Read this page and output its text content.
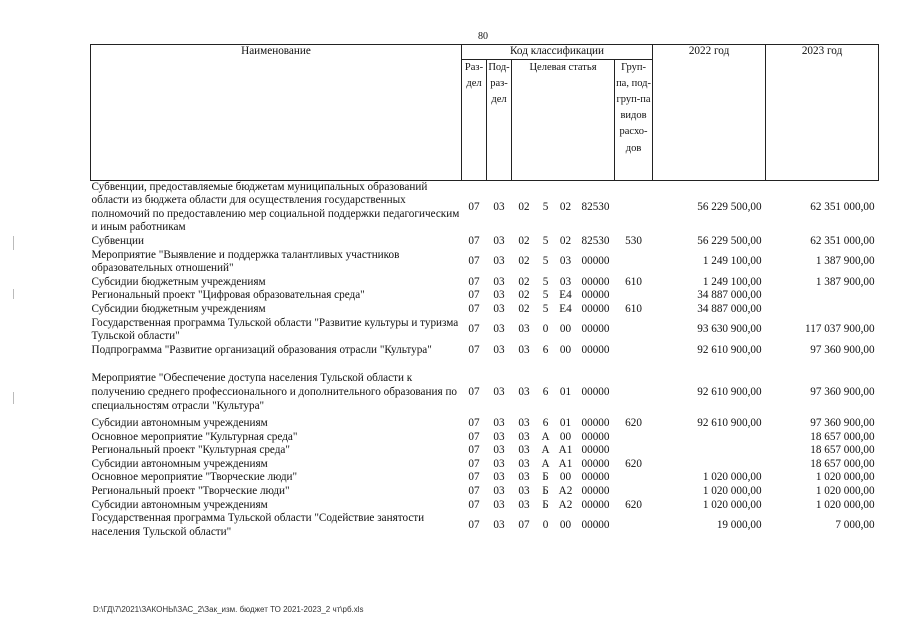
80
Наименование	Код классификации							2022 год	2023 год
	Раз-дел	Под-раз-дел	Целевая статья				Груп-па, под-груп-па видов расхо-дов		
Субвенции, предоставляемые бюджетам муниципальных образований области из бюджета области для осуществления государственных полномочий по предоставлению мер социальной поддержки педагогическим и иным работникам	07	03	02	5	02	82530		56 229 500,00	62 351 000,00
Субвенции	07	03	02	5	02	82530	530	56 229 500,00	62 351 000,00
Мероприятие "Выявление и поддержка талантливых участников образовательных отношений"	07	03	02	5	03	00000		1 249 100,00	1 387 900,00
Субсидии бюджетным учреждениям	07	03	02	5	03	00000	610	1 249 100,00	1 387 900,00
Региональный проект "Цифровая образовательная среда"	07	03	02	5	Е4	00000		34 887 000,00	
Субсидии бюджетным учреждениям	07	03	02	5	Е4	00000	610	34 887 000,00	
Государственная программа Тульской области "Развитие культуры и туризма Тульской области"	07	03	03	0	00	00000		93 630 900,00	117 037 900,00
Подпрограмма "Развитие организаций образования отрасли "Культура"	07	03	03	6	00	00000		92 610 900,00	97 360 900,00

Мероприятие "Обеспечение доступа населения Тульской области к получению среднего профессионального и дополнительного образования по специальностям отрасли "Культура"	07	03	03	6	01	00000		92 610 900,00	97 360 900,00
Субсидии автономным учреждениям	07	03	03	6	01	00000	620	92 610 900,00	97 360 900,00
Основное мероприятие "Культурная среда"	07	03	03	А	00	00000			18 657 000,00
Региональный проект "Культурная среда"	07	03	03	А	А1	00000			18 657 000,00
Субсидии автономным учреждениям	07	03	03	А	А1	00000	620		18 657 000,00
Основное мероприятие "Творческие люди"	07	03	03	Б	00	00000		1 020 000,00	1 020 000,00
Региональный проект "Творческие люди"	07	03	03	Б	А2	00000		1 020 000,00	1 020 000,00
Субсидии автономным учреждениям	07	03	03	Б	А2	00000	620	1 020 000,00	1 020 000,00
Государственная программа Тульской области "Содействие занятости населения Тульской области"	07	03	07	0	00	00000		19 000,00	7 000,00
D:\ГД\7\2021\ЗАКОНЫ\ЗАС_2\Зак_изм. бюджет ТО 2021-2023_2 чт\рб.xls
